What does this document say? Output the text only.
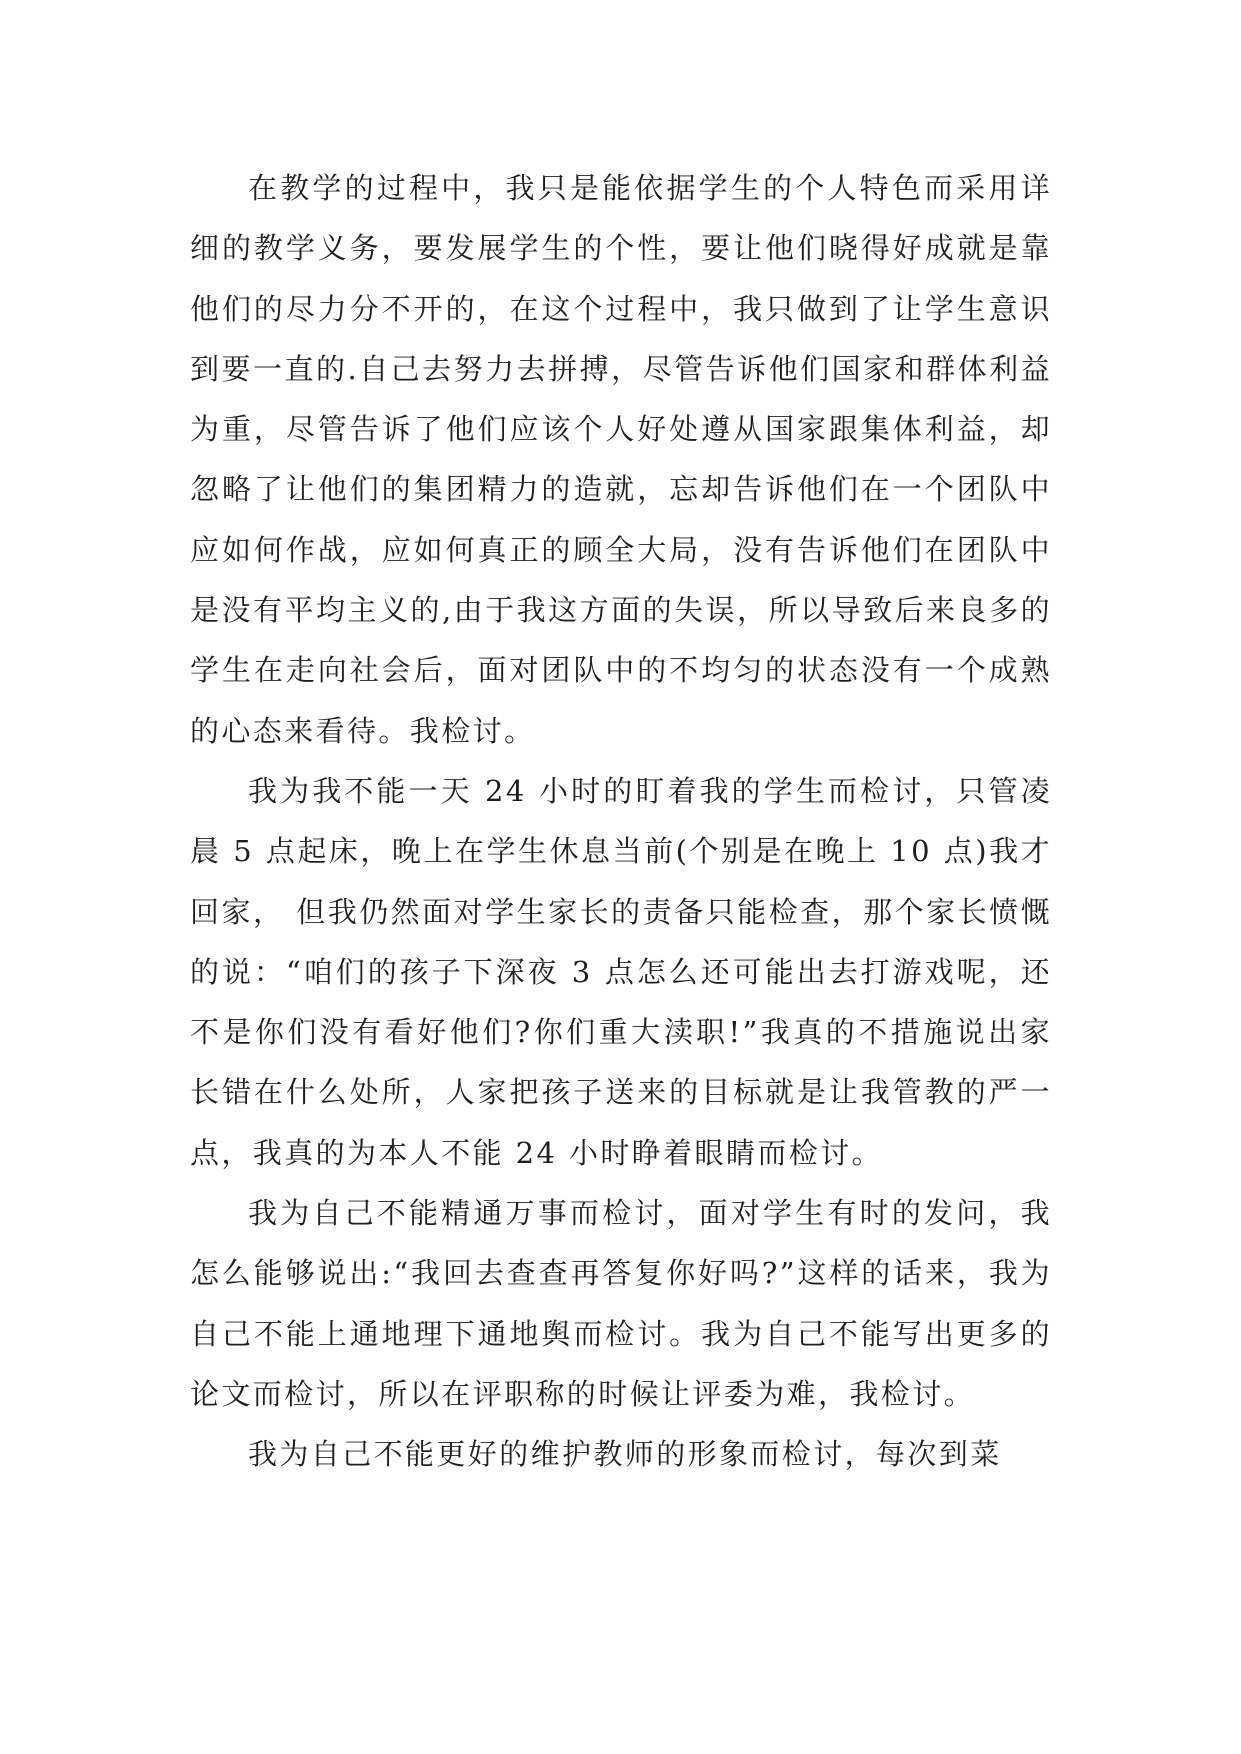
在教学的过程中，我只是能依据学生的个人特色而采用详细的教学义务，要发展学生的个性，要让他们晓得好成就是靠他们的尽力分不开的，在这个过程中，我只做到了让学生意识到要一直的.自己去努力去拼搏，尽管告诉他们国家和群体利益为重，尽管告诉了他们应该个人好处遵从国家跟集体利益，却忽略了让他们的集团精力的造就，忘却告诉他们在一个团队中应如何作战，应如何真正的顾全大局，没有告诉他们在团队中是没有平均主义的,由于我这方面的失误，所以导致后来良多的学生在走向社会后，面对团队中的不均匀的状态没有一个成熟的心态来看待。我检讨。

我为我不能一天 24 小时的盯着我的学生而检讨，只管凌晨 5 点起床，晚上在学生休息当前(个别是在晚上 10 点)我才回家， 但我仍然面对学生家长的责备只能检查，那个家长愤慨的说：“咱们的孩子下深夜 3 点怎么还可能出去打游戏呢，还不是你们没有看好他们?你们重大渎职!”我真的不措施说出家长错在什么处所，人家把孩子送来的目标就是让我管教的严一点，我真的为本人不能 24 小时睁着眼睛而检讨。

我为自己不能精通万事而检讨，面对学生有时的发问，我怎么能够说出:“我回去查查再答复你好吗?”这样的话来，我为自己不能上通地理下通地舆而检讨。我为自己不能写出更多的论文而检讨，所以在评职称的时候让评委为难，我检讨。

我为自己不能更好的维护教师的形象而检讨，每次到菜
